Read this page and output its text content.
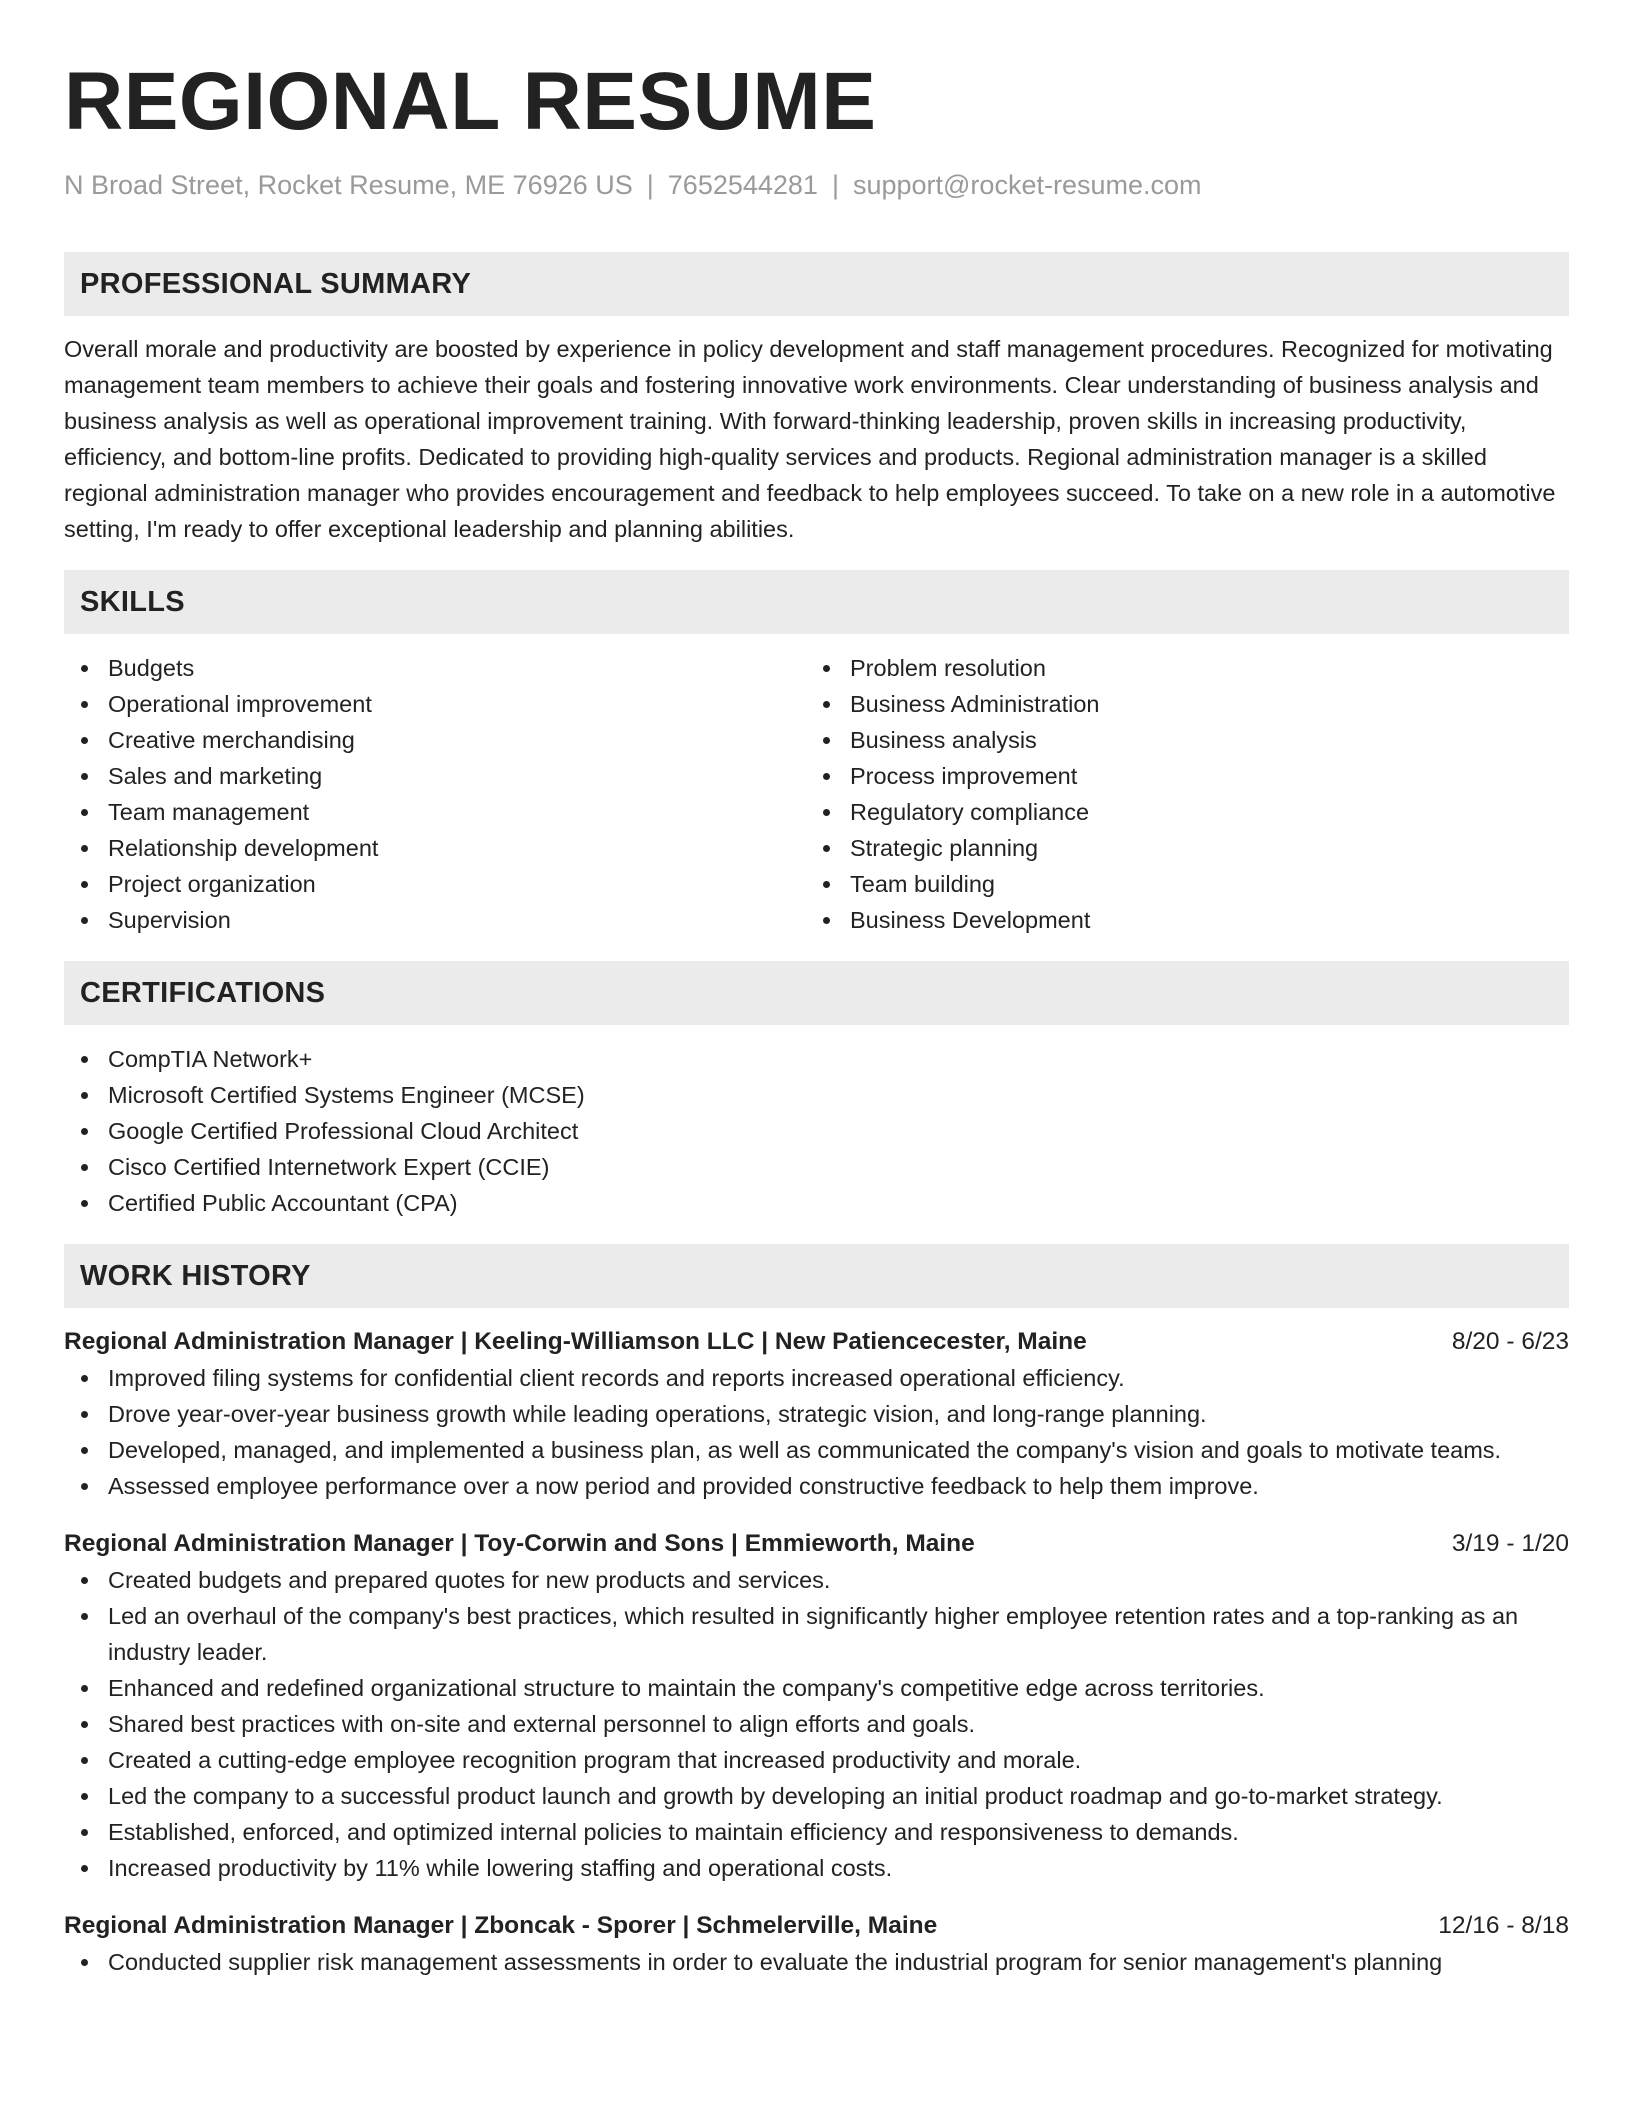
REGIONAL RESUME
N Broad Street, Rocket Resume, ME 76926 US | 7652544281 | support@rocket-resume.com
PROFESSIONAL SUMMARY
Overall morale and productivity are boosted by experience in policy development and staff management procedures. Recognized for motivating management team members to achieve their goals and fostering innovative work environments. Clear understanding of business analysis and business analysis as well as operational improvement training. With forward-thinking leadership, proven skills in increasing productivity, efficiency, and bottom-line profits. Dedicated to providing high-quality services and products. Regional administration manager is a skilled regional administration manager who provides encouragement and feedback to help employees succeed. To take on a new role in a automotive setting, I'm ready to offer exceptional leadership and planning abilities.
SKILLS
Budgets
Operational improvement
Creative merchandising
Sales and marketing
Team management
Relationship development
Project organization
Supervision
Problem resolution
Business Administration
Business analysis
Process improvement
Regulatory compliance
Strategic planning
Team building
Business Development
CERTIFICATIONS
CompTIA Network+
Microsoft Certified Systems Engineer (MCSE)
Google Certified Professional Cloud Architect
Cisco Certified Internetwork Expert (CCIE)
Certified Public Accountant (CPA)
WORK HISTORY
Regional Administration Manager | Keeling-Williamson LLC | New Patiencecester, Maine	8/20 - 6/23
Improved filing systems for confidential client records and reports increased operational efficiency.
Drove year-over-year business growth while leading operations, strategic vision, and long-range planning.
Developed, managed, and implemented a business plan, as well as communicated the company's vision and goals to motivate teams.
Assessed employee performance over a now period and provided constructive feedback to help them improve.
Regional Administration Manager | Toy-Corwin and Sons | Emmieworth, Maine	3/19 - 1/20
Created budgets and prepared quotes for new products and services.
Led an overhaul of the company's best practices, which resulted in significantly higher employee retention rates and a top-ranking as an industry leader.
Enhanced and redefined organizational structure to maintain the company's competitive edge across territories.
Shared best practices with on-site and external personnel to align efforts and goals.
Created a cutting-edge employee recognition program that increased productivity and morale.
Led the company to a successful product launch and growth by developing an initial product roadmap and go-to-market strategy.
Established, enforced, and optimized internal policies to maintain efficiency and responsiveness to demands.
Increased productivity by 11% while lowering staffing and operational costs.
Regional Administration Manager | Zboncak - Sporer | Schmelerville, Maine	12/16 - 8/18
Conducted supplier risk management assessments in order to evaluate the industrial program for senior management's planning
